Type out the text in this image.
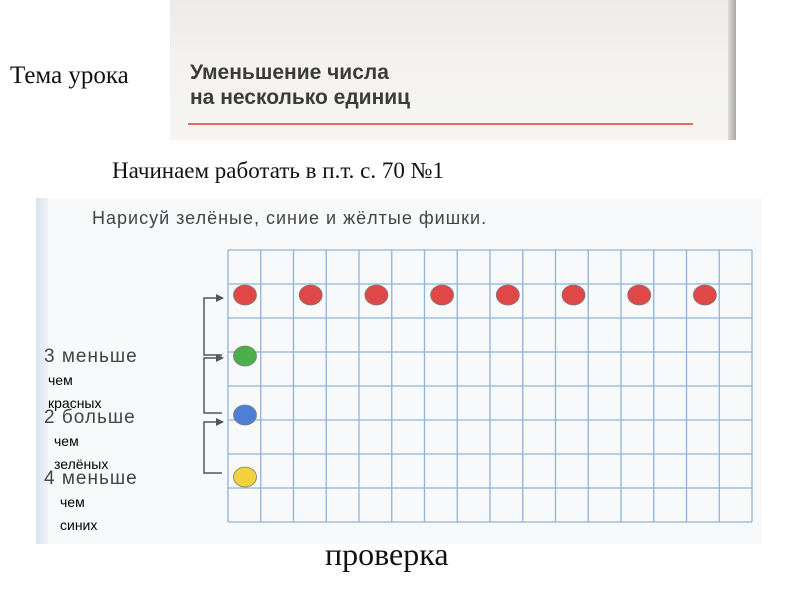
Тема урока	Уменьшение числа
на несколько единиц
Начинаем работать в п.т. с. 70 №1
Нарисуй зелёные, синие и жёлтые фишки.
3 меньше
чем
красных
2 больше
чем
зелёных
4 меньше
чем
синих
проверка
